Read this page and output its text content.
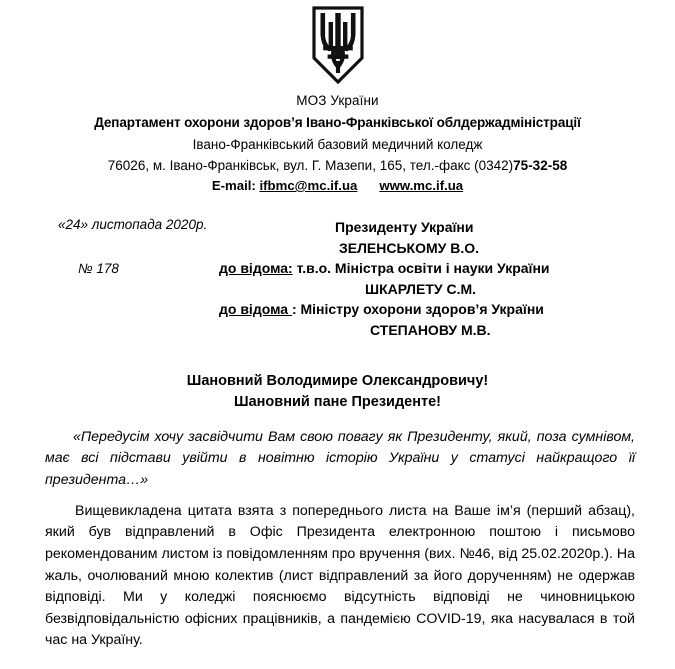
МОЗ України
Департамент охорони здоров’я Івано-Франківської облдержадміністрації
Івано-Франківський базовий медичний коледж
76026, м. Івано-Франківськ, вул. Г. Мазепи, 165, тел.-факс (0342)75-32-58
E-mail: ifbmc@mc.if.ua www.mc.if.ua
«24» листопада 2020р.
№ 178
Президенту України
ЗЕЛЕНСЬКОМУ В.О.
до відома: т.в.о. Міністра освіти і науки України
ШКАРЛЕТУ С.М.
до відома : Міністру охорони здоров’я України
СТЕПАНОВУ М.В.
Шановний Володимире Олександровичу!
Шановний пане Президенте!
«Передусім хочу засвідчити Вам свою повагу як Президенту, який, поза сумнівом, має всі підстави увійти в новітню історію України у статусі найкращого її президента…»
Вищевикладена цитата взята з попереднього листа на Ваше ім’я (перший абзац), який був відправлений в Офіс Президента електронною поштою і письмово рекомендованим листом із повідомленням про вручення (вих. №46, від 25.02.2020р.). На жаль, очолюваний мною колектив (лист відправлений за його дорученням) не одержав відповіді. Ми у коледжі пояснюємо відсутність відповіді не чиновницькою безвідповідальністю офісних працівників, а пандемією COVID-19, яка насувалася в той час на Україну.
